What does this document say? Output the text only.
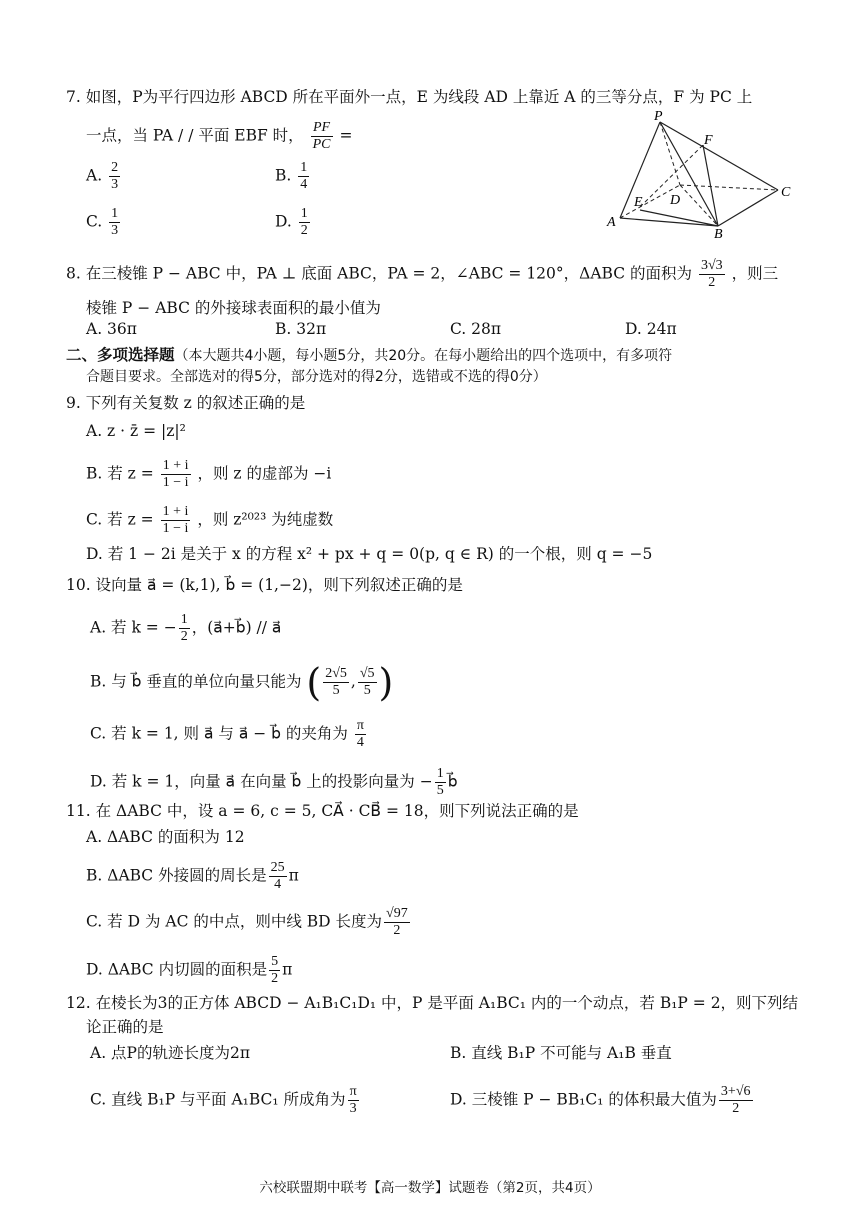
7. 如图，P为平行四边形 ABCD 所在平面外一点，E 为线段 AD 上靠近 A 的三等分点，F 为 PC 上
一点，当 PA / / 平面 EBF 时， $\frac{PF}{PC}$ =
A. $\frac{2}{3}$	B. $\frac{1}{4}$
C. $\frac{1}{3}$	D. $\frac{1}{2}$
P
F
C
E D
A
B
8. 在三棱锥 P − ABC 中，PA ⊥ 底面 ABC，PA = 2，∠ABC = 120°，ΔABC 的面积为 $\frac{3√3}{2}$ ，则三
棱锥 P − ABC 的外接球表面积的最小值为
A. 36π	B. 32π	C. 28π	D. 24π
二、多项选择题（本大题共4小题，每小题5分，共20分。在每小题给出的四个选项中，有多项符
合题目要求。全部选对的得5分，部分选对的得2分，选错或不选的得0分）
9. 下列有关复数 z 的叙述正确的是
A. z · z̄ = |z|²
B. 若 $z = \frac{1 + i}{1 - i}$ ，则 z 的虚部为 −i
C. 若 $z = \frac{1 + i}{1 - i}$ ，则 z²⁰²³ 为纯虚数
D. 若 1 − 2i 是关于 x 的方程 x² + px + q = 0(p, q ∈ R) 的一个根，则 q = −5
10. 设向量 a⃗ = (k,1), b⃗ = (1,−2)，则下列叙述正确的是
A. 若 k = − $\frac{1}{2}$ ，(a⃗+b⃗) // a⃗
B. 与 b⃗ 垂直的单位向量只能为 ( $\frac{2√5}{5}$ , $\frac{√5}{5}$ )
C. 若 k = 1, 则 a⃗ 与 a⃗ − b⃗ 的夹角为 $\frac{\pi}{4}$
D. 若 k = 1，向量 a⃗ 在向量 b⃗ 上的投影向量为 − $\frac{1}{5}$ b⃗
11. 在 ΔABC 中，设 a = 6, c = 5, CA⃗ · CB⃗ = 18，则下列说法正确的是
A. ΔABC 的面积为 12
B. ΔABC 外接圆的周长是 $\frac{25}{4}$ π
C. 若 D 为 AC 的中点，则中线 BD 长度为 $\frac{√97}{2}$
D. ΔABC 内切圆的面积是 $\frac{5}{2}$ π
12. 在棱长为3的正方体 ABCD − A₁B₁C₁D₁ 中，P 是平面 A₁BC₁ 内的一个动点，若 B₁P = 2，则下列结
论正确的是
A. 点P的轨迹长度为2π	B. 直线 B₁P 不可能与 A₁B 垂直
C. 直线 B₁P 与平面 A₁BC₁ 所成角为 $\frac{\pi}{3}$	D. 三棱锥 P − BB₁C₁ 的体积最大值为 $\frac{3+√6}{2}$
六校联盟期中联考【高一数学】试题卷（第2页，共4页）
